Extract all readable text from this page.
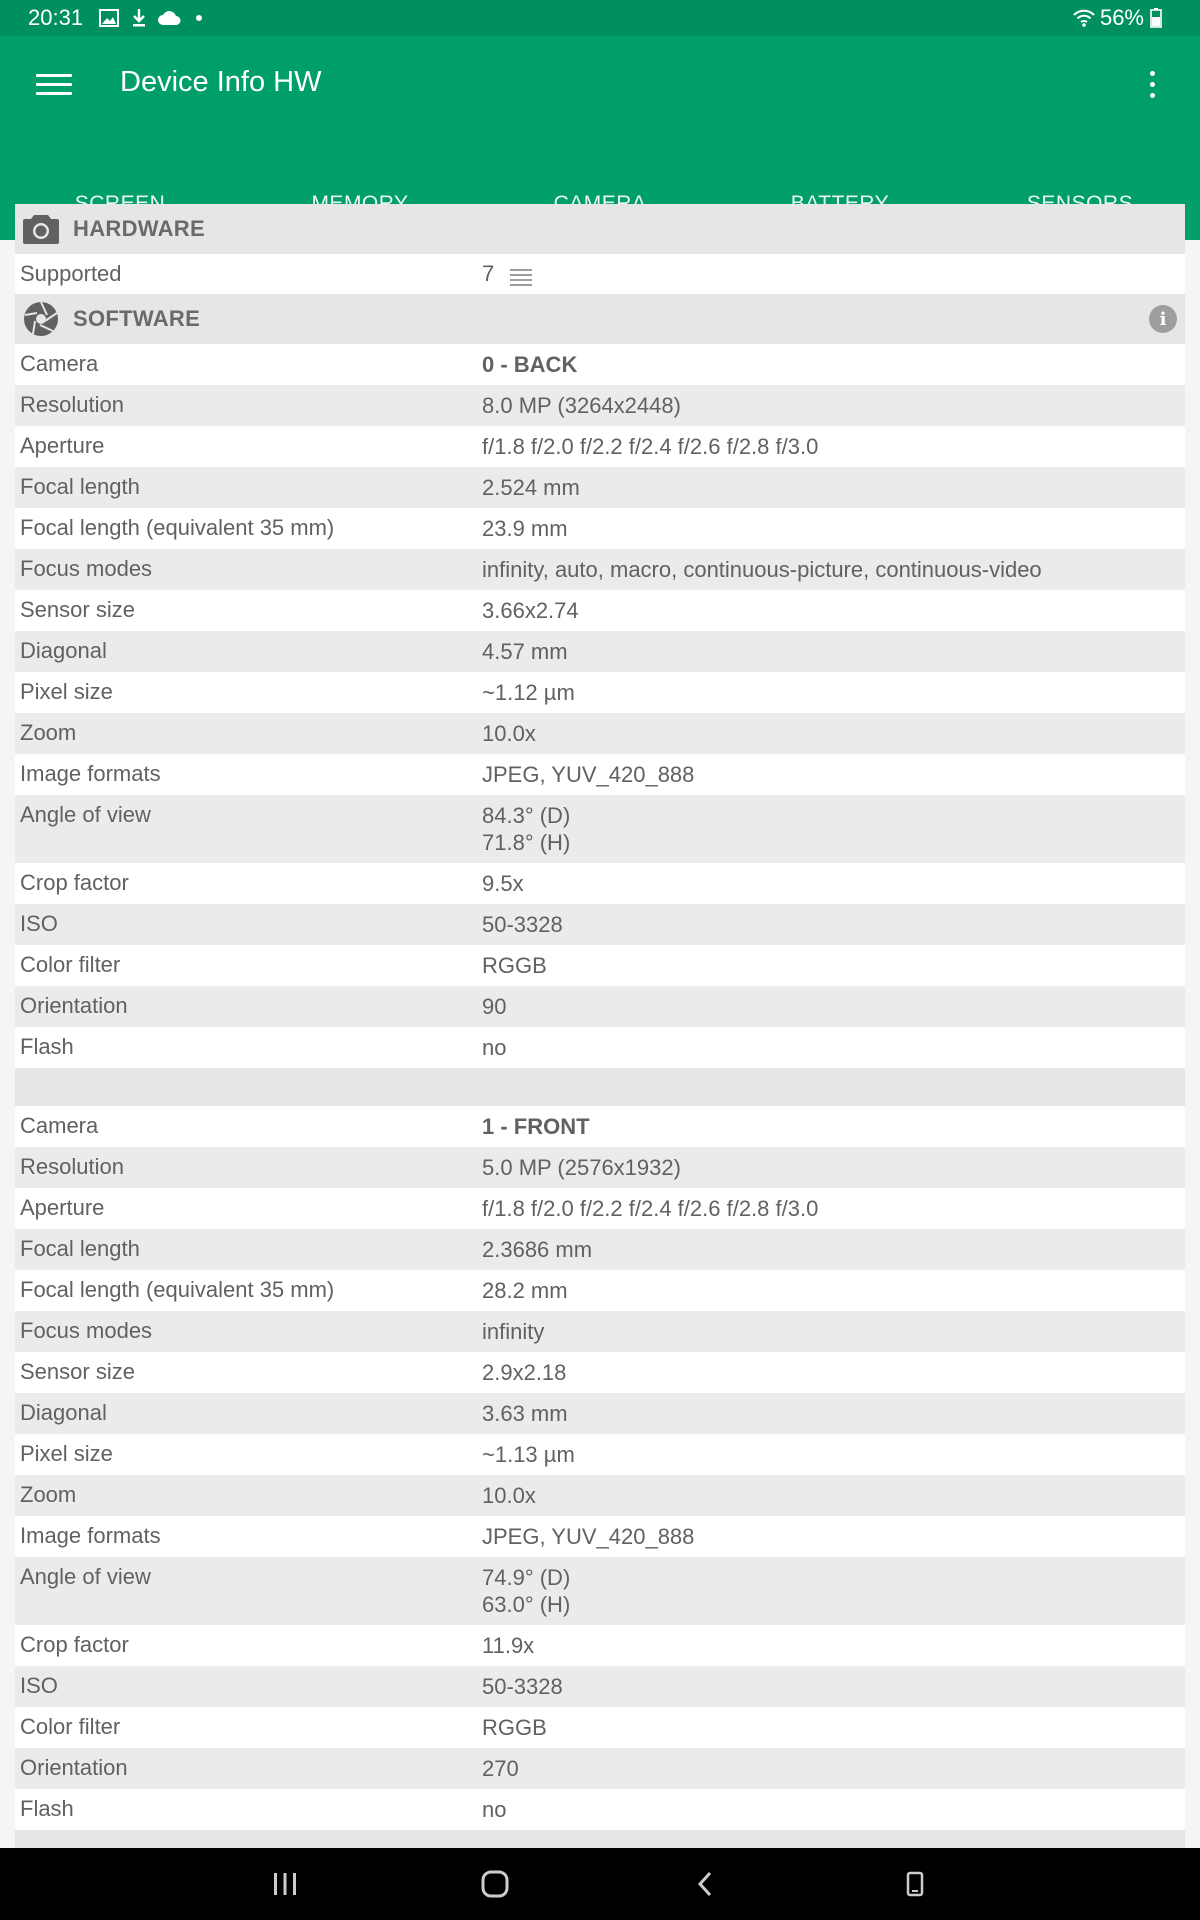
20:31	56%
Device Info HW
HARDWARE
Supported	7
SOFTWARE	i
Camera	0 - BACK
Resolution	8.0 MP (3264x2448)
Aperture	f/1.8 f/2.0 f/2.2 f/2.4 f/2.6 f/2.8 f/3.0
Focal length	2.524 mm
Focal length (equivalent 35 mm)	23.9 mm
Focus modes	infinity, auto, macro, continuous-picture, continuous-video
Sensor size	3.66x2.74
Diagonal	4.57 mm
Pixel size	~1.12 µm
Zoom	10.0x
Image formats	JPEG, YUV_420_888
Angle of view	84.3° (D)
71.8° (H)
Crop factor	9.5x
ISO	50-3328
Color filter	RGGB
Orientation	90
Flash	no
Camera	1 - FRONT
Resolution	5.0 MP (2576x1932)
Aperture	f/1.8 f/2.0 f/2.2 f/2.4 f/2.6 f/2.8 f/3.0
Focal length	2.3686 mm
Focal length (equivalent 35 mm)	28.2 mm
Focus modes	infinity
Sensor size	2.9x2.18
Diagonal	3.63 mm
Pixel size	~1.13 µm
Zoom	10.0x
Image formats	JPEG, YUV_420_888
Angle of view	74.9° (D)
63.0° (H)
Crop factor	11.9x
ISO	50-3328
Color filter	RGGB
Orientation	270
Flash	no
